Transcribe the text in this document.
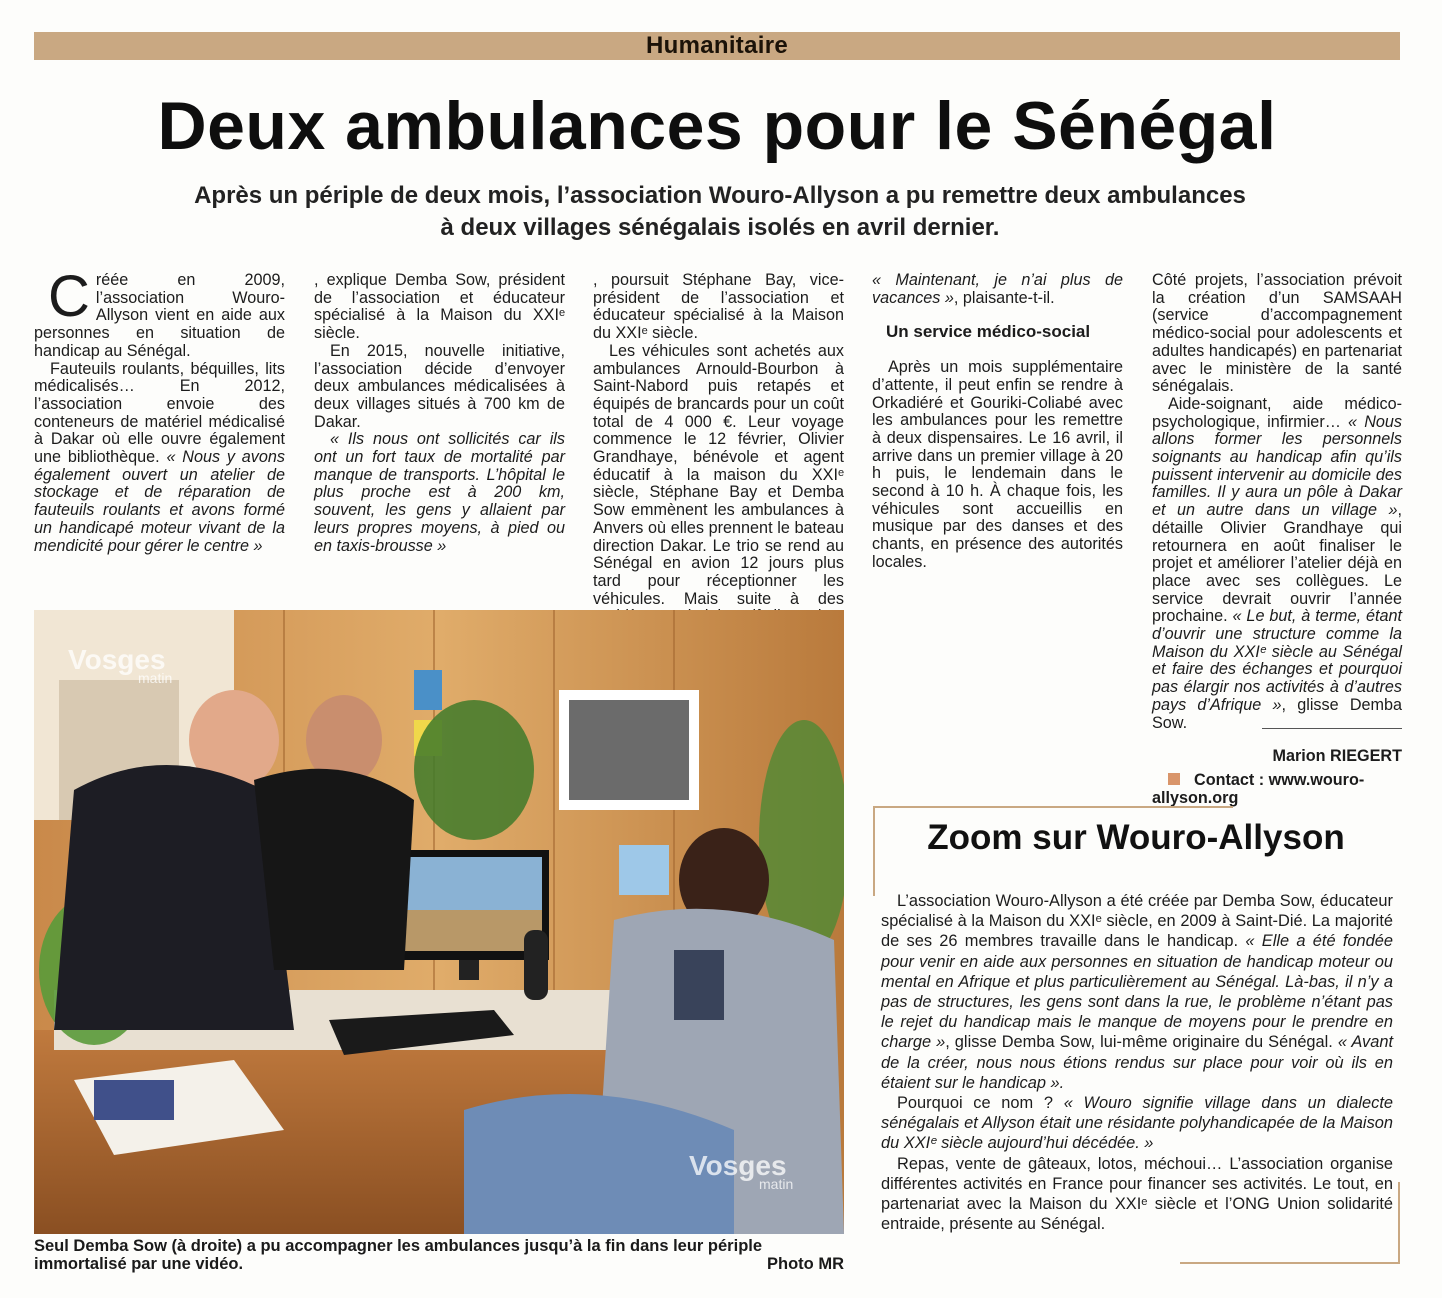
Humanitaire
Deux ambulances pour le Sénégal
Après un périple de deux mois, l’association Wouro-Allyson a pu remettre deux ambulances
à deux villages sénégalais isolés en avril dernier.

Créée en 2009, l’association Wouro-Allyson vient en aide aux personnes en situation de handicap au Sénégal.

Fauteuils roulants, béquilles, lits médicalisés… En 2012, l’association envoie des conteneurs de matériel médicalisé à Dakar où elle ouvre également une bibliothèque. « Nous y avons également ouvert un atelier de stockage et de réparation de fauteuils roulants et avons formé un handicapé moteur vivant de la mendicité pour gérer le centre »

, explique Demba Sow, président de l’association et éducateur spécialisé à la Maison du XXIᵉ siècle.

En 2015, nouvelle initiative, l’association décide d’envoyer deux ambulances médicalisées à deux villages situés à 700 km de Dakar.

« Ils nous ont sollicités car ils ont un fort taux de mortalité par manque de transports. L’hôpital le plus proche est à 200 km, souvent, les gens y allaient par leurs propres moyens, à pied ou en taxis-brousse »

, poursuit Stéphane Bay, vice-président de l’association et éducateur spécialisé à la Maison du XXIᵉ siècle.

Les véhicules sont achetés aux ambulances Arnould-Bourbon à Saint-Nabord puis retapés et équipés de brancards pour un coût total de 4 000 €. Leur voyage commence le 12 février, Olivier Grandhaye, bénévole et agent éducatif à la maison du XXIᵉ siècle, Stéphane Bay et Demba Sow emmènent les ambulances à Anvers où elles prennent le bateau direction Dakar. Le trio se rend au Sénégal en avion 12 jours plus tard pour réceptionner les véhicules. Mais suite à des

« Maintenant, je n’ai plus de vacances », plaisante-t-il.

Un service médico-social

Après un mois supplémentaire d’attente, il peut enfin se rendre à Orkadiéré et Gouriki-Coliabé avec les ambulances pour les remettre à deux dispensaires. Le 16 avril, il arrive dans un premier village à 20 h puis, le lendemain dans le second à 10 h. À chaque fois, les véhicules sont accueillis en musique par des danses et des chants, en présence des autorités locales.

Côté projets, l’association prévoit la création d’un SAMSAAH (service d’accompagnement médico-social pour adolescents et adultes handicapés) en partenariat avec le ministère de la santé sénégalais.

Aide-soignant, aide médico-psychologique, infirmier… « Nous allons former les personnels soignants au handicap afin qu’ils puissent intervenir au domicile des familles. Il y aura un pôle à Dakar et un autre dans un village », détaille Olivier Grandhaye qui retournera en août finaliser le projet et améliorer l’atelier déjà en place avec ses collègues. Le service devrait ouvrir l’année prochaine. « Le but, à terme, étant d’ouvrir une structure comme la Maison du XXIᵉ siècle au Sénégal et faire des échanges et pourquoi pas élargir nos activités à d’autres pays d’Afrique », glisse Demba Sow.

Marion RIEGERT
Contact : www.wouro-allyson.org
Vosges
matin
Vosges
matin
Seul Demba Sow (à droite) a pu accompagner les ambulances jusqu’à la fin dans leur périple immortalisé par une vidéo.	Photo MR
Zoom sur Wouro-Allyson

L’association Wouro-Allyson a été créée par Demba Sow, éducateur spécialisé à la Maison du XXIᵉ siècle, en 2009 à Saint-Dié. La majorité de ses 26 membres travaille dans le handicap. « Elle a été fondée pour venir en aide aux personnes en situation de handicap moteur ou mental en Afrique et plus particulièrement au Sénégal. Là-bas, il n’y a pas de structures, les gens sont dans la rue, le problème n’étant pas le rejet du handicap mais le manque de moyens pour le prendre en charge », glisse Demba Sow, lui-même originaire du Sénégal. « Avant de la créer, nous nous étions rendus sur place pour voir où ils en étaient sur le handicap ».

Pourquoi ce nom ? « Wouro signifie village dans un dialecte sénégalais et Allyson était une résidante polyhandicapée de la Maison du XXIᵉ siècle aujourd’hui décédée. »

Repas, vente de gâteaux, lotos, méchoui… L’association organise différentes activités en France pour financer ses activités. Le tout, en partenariat avec la Maison du XXIᵉ siècle et l’ONG Union solidarité entraide, présente au Sénégal.
